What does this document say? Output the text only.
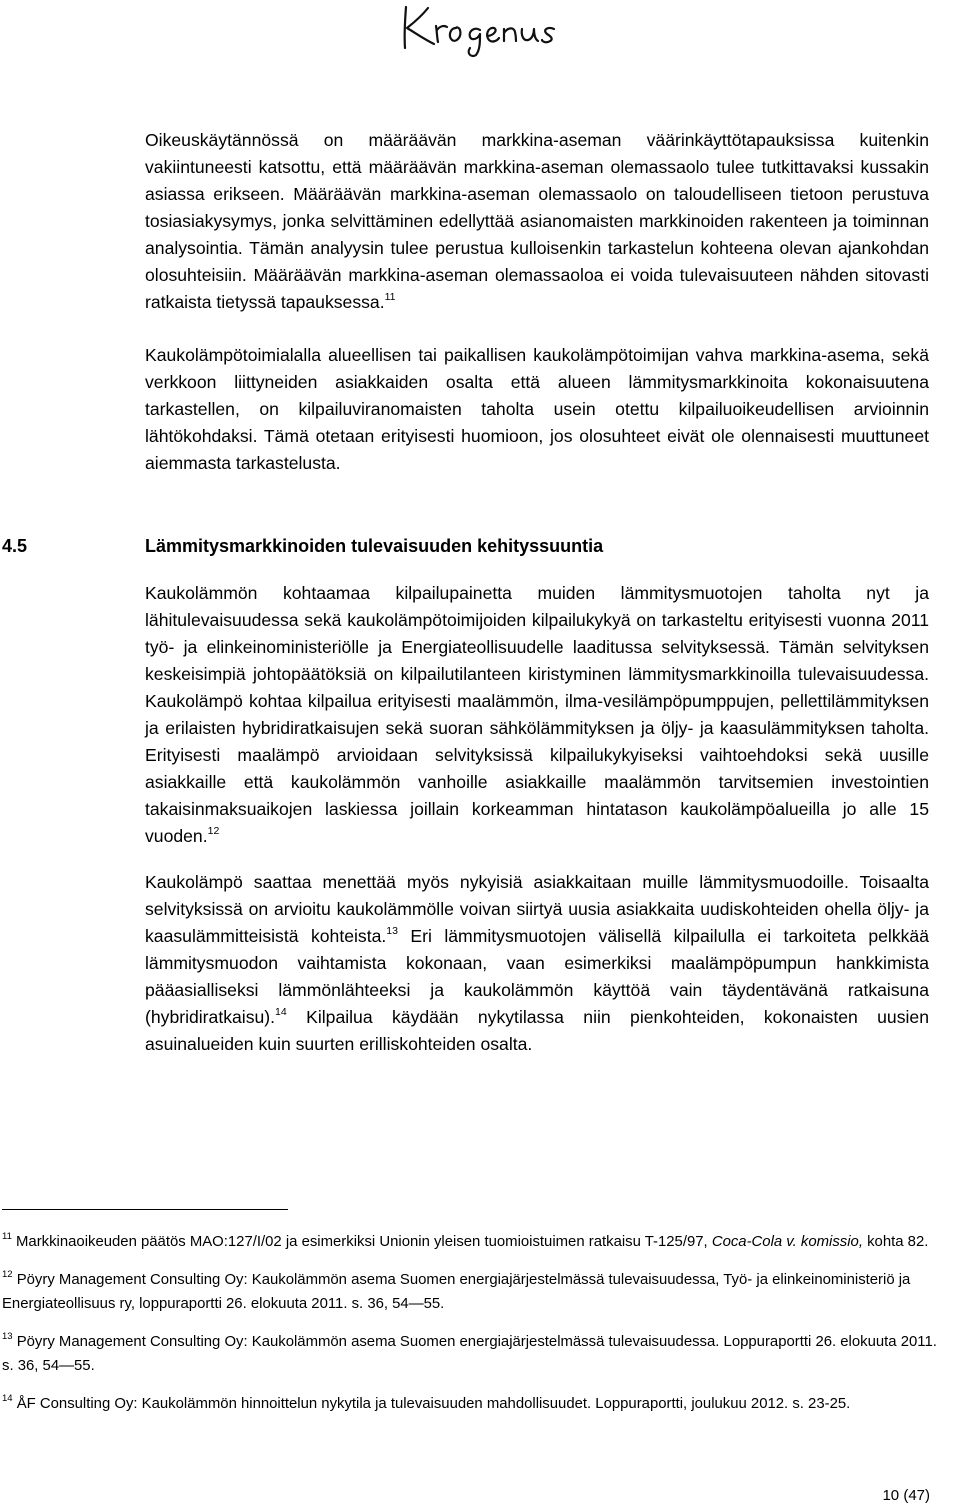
Oikeuskäytännössä on määräävän markkina-aseman väärinkäyttötapauksissa kuitenkin vakiintuneesti katsottu, että määräävän markkina-aseman olemassaolo tulee tutkittavaksi kussakin asiassa erikseen. Määräävän markkina-aseman olemassaolo on taloudelliseen tietoon perustuva tosiasiakysymys, jonka selvittäminen edellyttää asianomaisten markkinoiden rakenteen ja toiminnan analysointia. Tämän analyysin tulee perustua kulloisenkin tarkastelun kohteena olevan ajankohdan olosuhteisiin. Määräävän markkina-aseman olemassaoloa ei voida tulevaisuuteen nähden sitovasti ratkaista tietyssä tapauksessa.$^{11}$

Kaukolämpötoimialalla alueellisen tai paikallisen kaukolämpötoimijan vahva markkina-asema, sekä verkkoon liittyneiden asiakkaiden osalta että alueen lämmitysmarkkinoita kokonaisuutena tarkastellen, on kilpailuviranomaisten taholta usein otettu kilpailuoikeudellisen arvioinnin lähtökohdaksi. Tämä otetaan erityisesti huomioon, jos olosuhteet eivät ole olennaisesti muuttuneet aiemmasta tarkastelusta.

4.5	Lämmitysmarkkinoiden tulevaisuuden kehityssuuntia

Kaukolämmön kohtaamaa kilpailupainetta muiden lämmitysmuotojen taholta nyt ja lähitulevaisuudessa sekä kaukolämpötoimijoiden kilpailukykyä on tarkasteltu erityisesti vuonna 2011 työ- ja elinkeinoministeriölle ja Energiateollisuudelle laaditussa selvityksessä. Tämän selvityksen keskeisimpiä johtopäätöksiä on kilpailutilanteen kiristyminen lämmitysmarkkinoilla tulevaisuudessa. Kaukolämpö kohtaa kilpailua erityisesti maalämmön, ilma-vesilämpöpumppujen, pellettilämmityksen ja erilaisten hybridiratkaisujen sekä suoran sähkölämmityksen ja öljy- ja kaasulämmityksen taholta. Erityisesti maalämpö arvioidaan selvityksissä kilpailukykyiseksi vaihtoehdoksi sekä uusille asiakkaille että kaukolämmön vanhoille asiakkaille maalämmön tarvitsemien investointien takaisinmaksuaikojen laskiessa joillain korkeamman hintatason kaukolämpöalueilla jo alle 15 vuoden.$^{12}$

Kaukolämpö saattaa menettää myös nykyisiä asiakkaitaan muille lämmitysmuodoille. Toisaalta selvityksissä on arvioitu kaukolämmölle voivan siirtyä uusia asiakkaita uudiskohteiden ohella öljy- ja kaasulämmitteisistä kohteista.$^{13}$ Eri lämmitysmuotojen välisellä kilpailulla ei tarkoiteta pelkkää lämmitysmuodon vaihtamista kokonaan, vaan esimerkiksi maalämpöpumpun hankkimista pääasialliseksi lämmönlähteeksi ja kaukolämmön käyttöä vain täydentävänä ratkaisuna (hybridiratkaisu).$^{14}$ Kilpailua käydään nykytilassa niin pienkohteiden, kokonaisten uusien asuinalueiden kuin suurten erilliskohteiden osalta.

$^{11}$ Markkinaoikeuden päätös MAO:127/I/02 ja esimerkiksi Unionin yleisen tuomioistuimen ratkaisu T-125/97, Coca-Cola v. komissio, kohta 82.

$^{12}$ Pöyry Management Consulting Oy: Kaukolämmön asema Suomen energiajärjestelmässä tulevaisuudessa, Työ- ja elinkeinoministeriö ja Energiateollisuus ry, loppuraportti 26. elokuuta 2011. s. 36, 54—55.

$^{13}$ Pöyry Management Consulting Oy: Kaukolämmön asema Suomen energiajärjestelmässä tulevaisuudessa. Loppuraportti 26. elokuuta 2011. s. 36, 54—55.

$^{14}$ ÅF Consulting Oy: Kaukolämmön hinnoittelun nykytila ja tulevaisuuden mahdollisuudet. Loppuraportti, joulukuu 2012. s. 23-25.

10 (47)
